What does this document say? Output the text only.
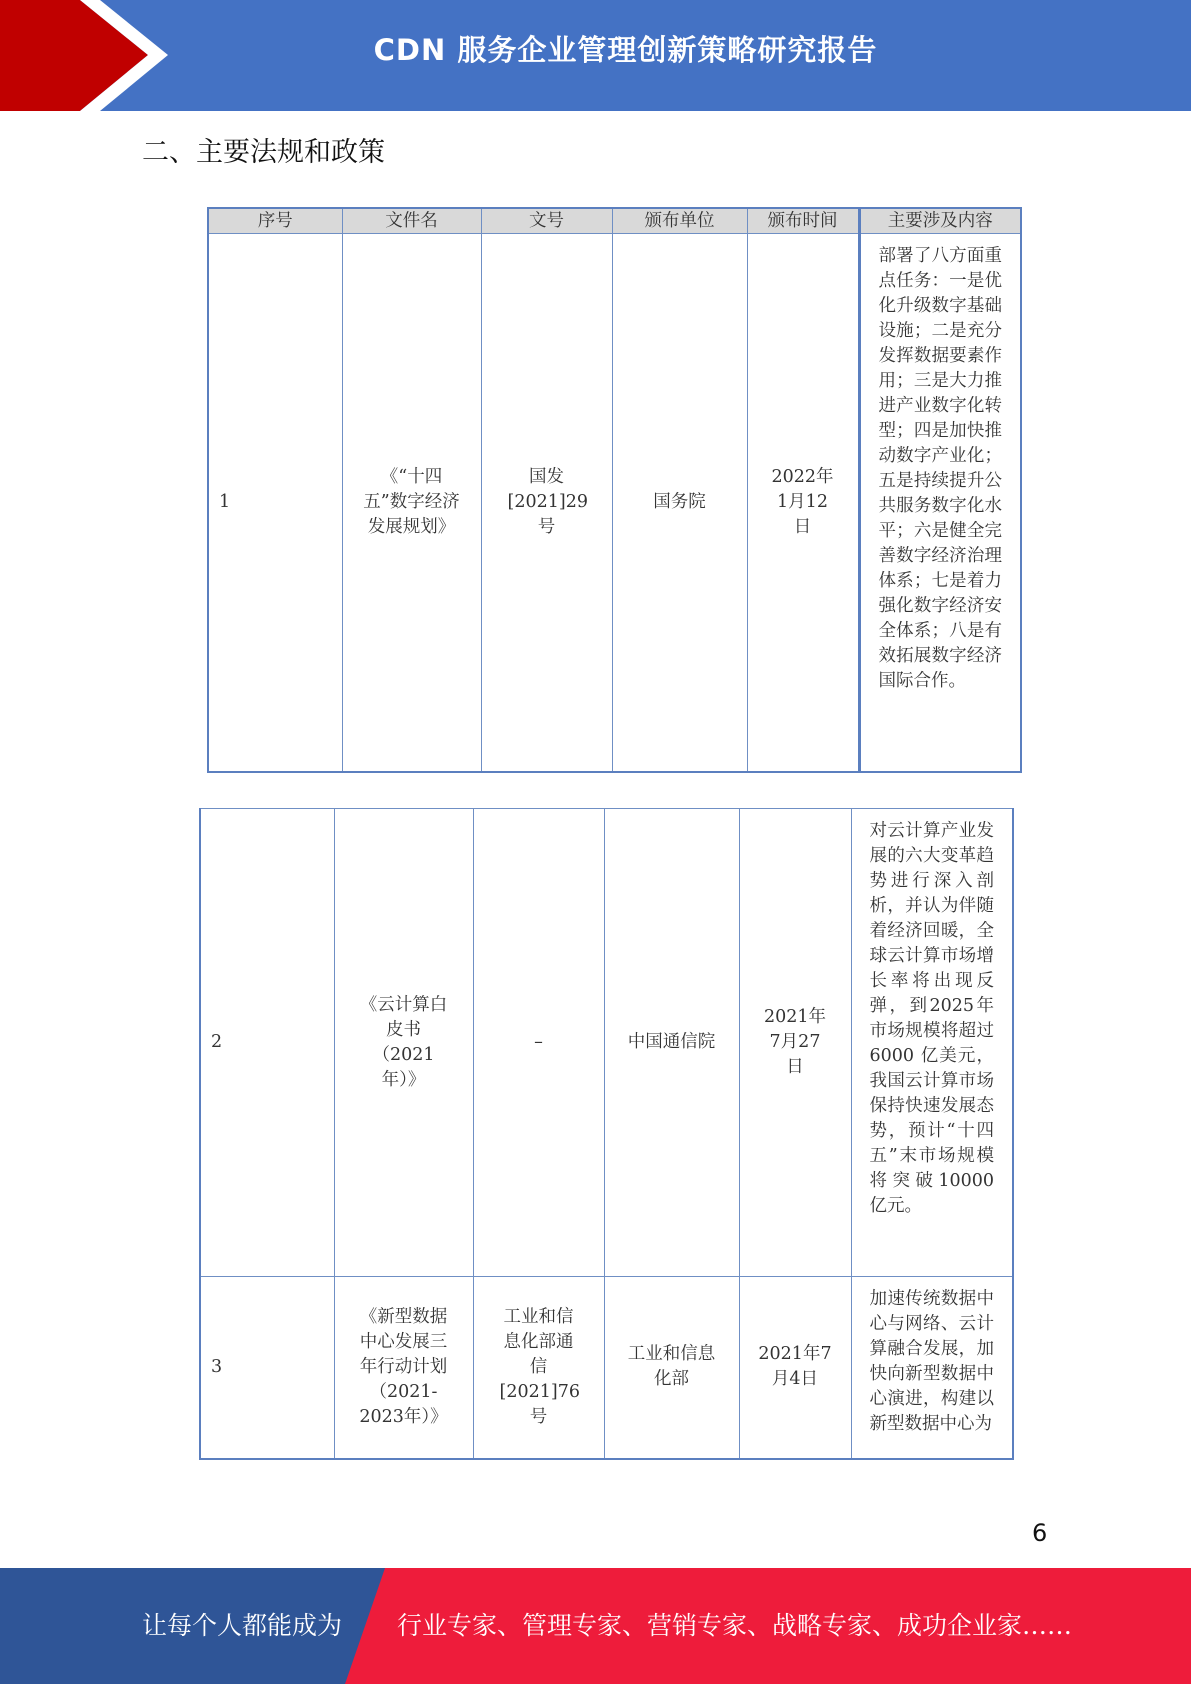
CDN 服务企业管理创新策略研究报告
二、主要法规和政策
序号	文件名	文号	颁布单位	颁布时间	主要涉及内容
1	《“十四五”数字经济发展规划》	国发[2021]29号	国务院	2022年1月12日	部署了八方面重点任务：一是优化升级数字基础设施；二是充分发挥数据要素作用；三是大力推进产业数字化转型；四是加快推动数字产业化；五是持续提升公共服务数字化水平；六是健全完善数字经济治理体系；七是着力强化数字经济安全体系；八是有效拓展数字经济国际合作。
2	《云计算白皮书（2021年）》	–	中国通信院	2021年7月27日	对云计算产业发展的六大变革趋势进行深入剖析，并认为伴随着经济回暖，全球云计算市场增长率将出现反弹，到2025年市场规模将超过 6000 亿美元，我国云计算市场保持快速发展态势，预计“十四五”末市场规模将突破10000亿元。
3	《新型数据中心发展三年行动计划（2021-2023年）》	工业和信息化部通信[2021]76号	工业和信息化部	2021年7月4日	加速传统数据中心与网络、云计算融合发展，加快向新型数据中心演进，构建以新型数据中心为
6
让每个人都能成为 行业专家、管理专家、营销专家、战略专家、成功企业家……
